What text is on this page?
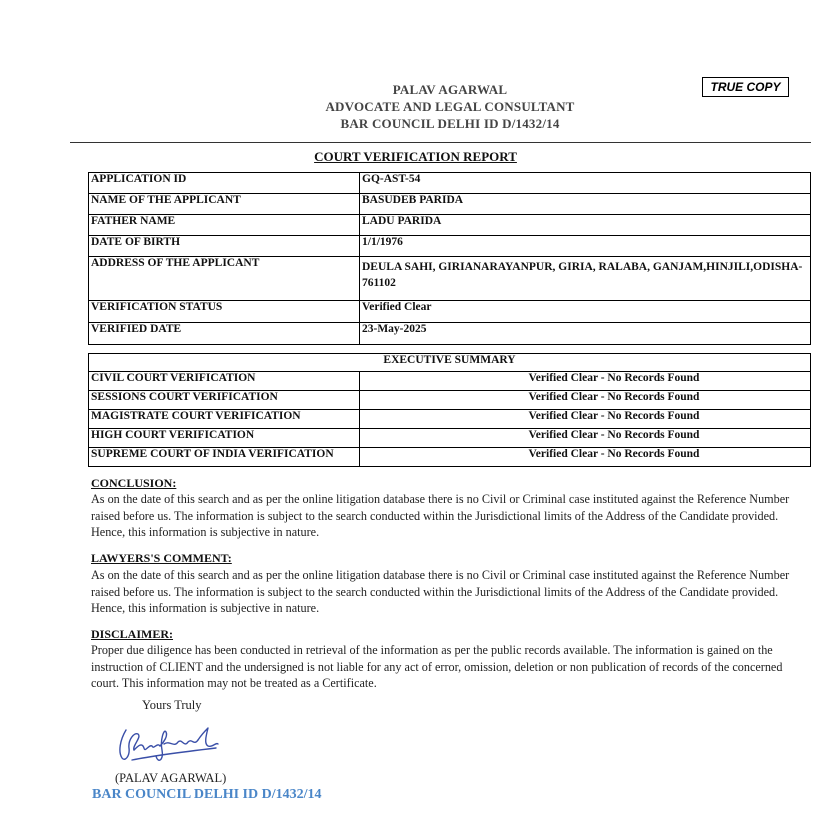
TRUE COPY
PALAV AGARWAL
ADVOCATE AND LEGAL CONSULTANT
BAR COUNCIL DELHI ID D/1432/14
COURT VERIFICATION REPORT
APPLICATION ID	GQ-AST-54
NAME OF THE APPLICANT	BASUDEB PARIDA
FATHER NAME	LADU PARIDA
DATE OF BIRTH	1/1/1976
ADDRESS OF THE APPLICANT	DEULA SAHI, GIRIANARAYANPUR, GIRIA, RALABA, GANJAM,HINJILI,ODISHA-761102
VERIFICATION STATUS	Verified Clear
VERIFIED DATE	23-May-2025
EXECUTIVE SUMMARY	
CIVIL COURT VERIFICATION	Verified Clear - No Records Found
SESSIONS COURT VERIFICATION	Verified Clear - No Records Found
MAGISTRATE COURT VERIFICATION	Verified Clear - No Records Found
HIGH COURT VERIFICATION	Verified Clear - No Records Found
SUPREME COURT OF INDIA VERIFICATION	Verified Clear - No Records Found
CONCLUSION:
As on the date of this search and as per the online litigation database there is no Civil or Criminal case instituted against the Reference Number raised before us. The information is subject to the search conducted within the Jurisdictional limits of the Address of the Candidate provided. Hence, this information is subjective in nature.
LAWYERS'S COMMENT:
As on the date of this search and as per the online litigation database there is no Civil or Criminal case instituted against the Reference Number raised before us. The information is subject to the search conducted within the Jurisdictional limits of the Address of the Candidate provided. Hence, this information is subjective in nature.
DISCLAIMER:
Proper due diligence has been conducted in retrieval of the information as per the public records available. The information is gained on the instruction of CLIENT and the undersigned is not liable for any act of error, omission, deletion or non publication of records of the concerned court. This information may not be treated as a Certificate.
Yours Truly
(PALAV AGARWAL)
BAR COUNCIL DELHI ID D/1432/14
